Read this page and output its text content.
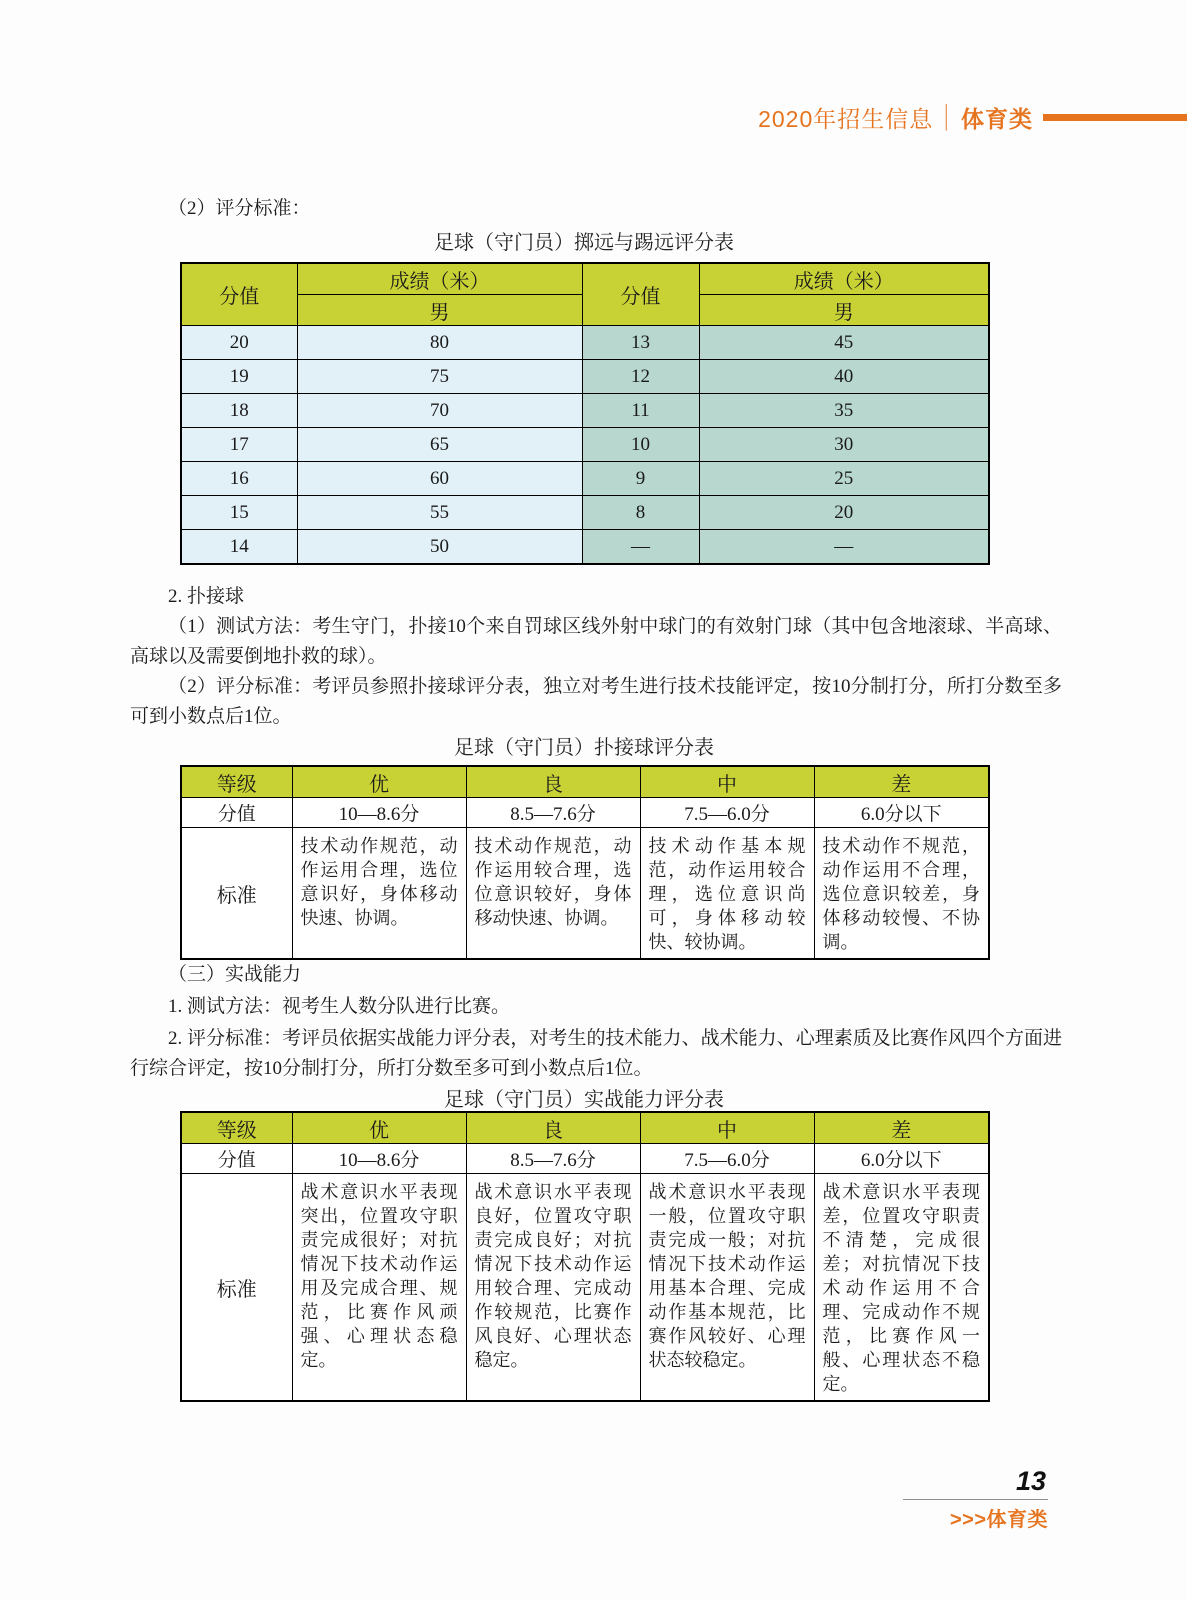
2020年招生信息 │ 体育类
（2）评分标准：
足球（守门员）掷远与踢远评分表
分值	成绩（米）	分值	成绩（米）
	男		男
20	80	13	45
19	75	12	40
18	70	11	35
17	65	10	30
16	60	9	25
15	55	8	20
14	50	—	—
2. 扑接球
（1）测试方法：考生守门，扑接10个来自罚球区线外射中球门的有效射门球（其中包含地滚球、半高球、高球以及需要倒地扑救的球）。
（2）评分标准：考评员参照扑接球评分表，独立对考生进行技术技能评定，按10分制打分，所打分数至多可到小数点后1位。
足球（守门员）扑接球评分表
等级	优	良	中	差
分值	10—8.6分	8.5—7.6分	7.5—6.0分	6.0分以下
标准	技术动作规范，动作运用合理，选位意识好，身体移动快速、协调。	技术动作规范，动作运用较合理，选位意识较好，身体移动快速、协调。	技术动作基本规范，动作运用较合理，选位意识尚可，身体移动较快、较协调。	技术动作不规范，动作运用不合理，选位意识较差，身体移动较慢、不协调。
（三）实战能力
1. 测试方法：视考生人数分队进行比赛。
2. 评分标准：考评员依据实战能力评分表，对考生的技术能力、战术能力、心理素质及比赛作风四个方面进行综合评定，按10分制打分，所打分数至多可到小数点后1位。
足球（守门员）实战能力评分表
等级	优	良	中	差
分值	10—8.6分	8.5—7.6分	7.5—6.0分	6.0分以下
标准	战术意识水平表现突出，位置攻守职责完成很好；对抗情况下技术动作运用及完成合理、规范，比赛作风顽强、心理状态稳定。	战术意识水平表现良好，位置攻守职责完成良好；对抗情况下技术动作运用较合理、完成动作较规范，比赛作风良好、心理状态稳定。	战术意识水平表现一般，位置攻守职责完成一般；对抗情况下技术动作运用基本合理、完成动作基本规范，比赛作风较好、心理状态较稳定。	战术意识水平表现差，位置攻守职责不清楚，完成很差；对抗情况下技术动作运用不合理、完成动作不规范，比赛作风一般、心理状态不稳定。
13
>>>体育类
